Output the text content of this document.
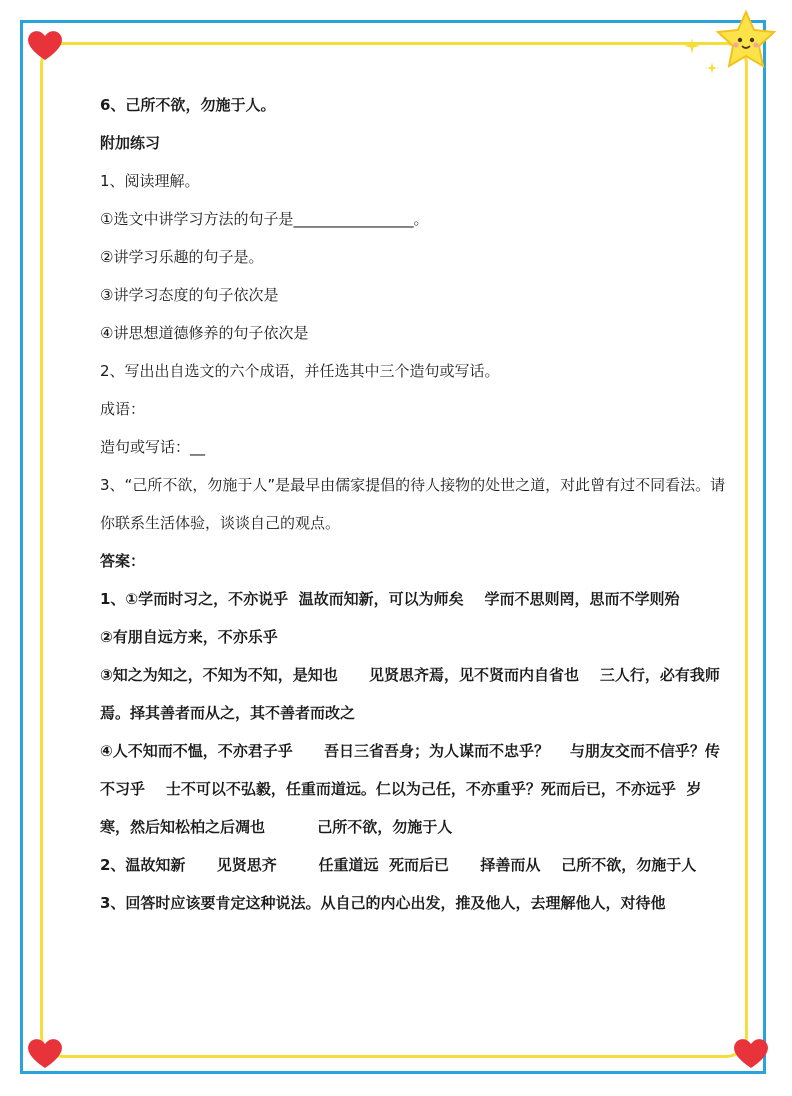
6、己所不欲，勿施于人。

附加练习

1、阅读理解。

①选文中讲学习方法的句子是________________。

②讲学习乐趣的句子是。

③讲学习态度的句子依次是

④讲思想道德修养的句子依次是

2、写出出自选文的六个成语，并任选其中三个造句或写话。

成语：

造句或写话：__

3、“己所不欲，勿施于人”是最早由儒家提倡的待人接物的处世之道，对此曾有过不同看法。请你联系生活体验，谈谈自己的观点。

答案：

1、①学而时习之，不亦说乎  温故而知新，可以为师矣    学而不思则罔，思而不学则殆

②有朋自远方来，不亦乐乎

③知之为知之，不知为不知，是知也      见贤思齐焉，见不贤而内自省也    三人行，必有我师焉。择其善者而从之，其不善者而改之

④人不知而不愠，不亦君子乎      吾日三省吾身；为人谋而不忠乎？    与朋友交而不信乎？传不习乎    士不可以不弘毅，任重而道远。仁以为己任，不亦重乎？死而后已，不亦远乎  岁寒，然后知松柏之后凋也          己所不欲，勿施于人

2、温故知新      见贤思齐        任重道远  死而后已      择善而从    己所不欲，勿施于人

3、回答时应该要肯定这种说法。从自己的内心出发，推及他人，去理解他人，对待他
